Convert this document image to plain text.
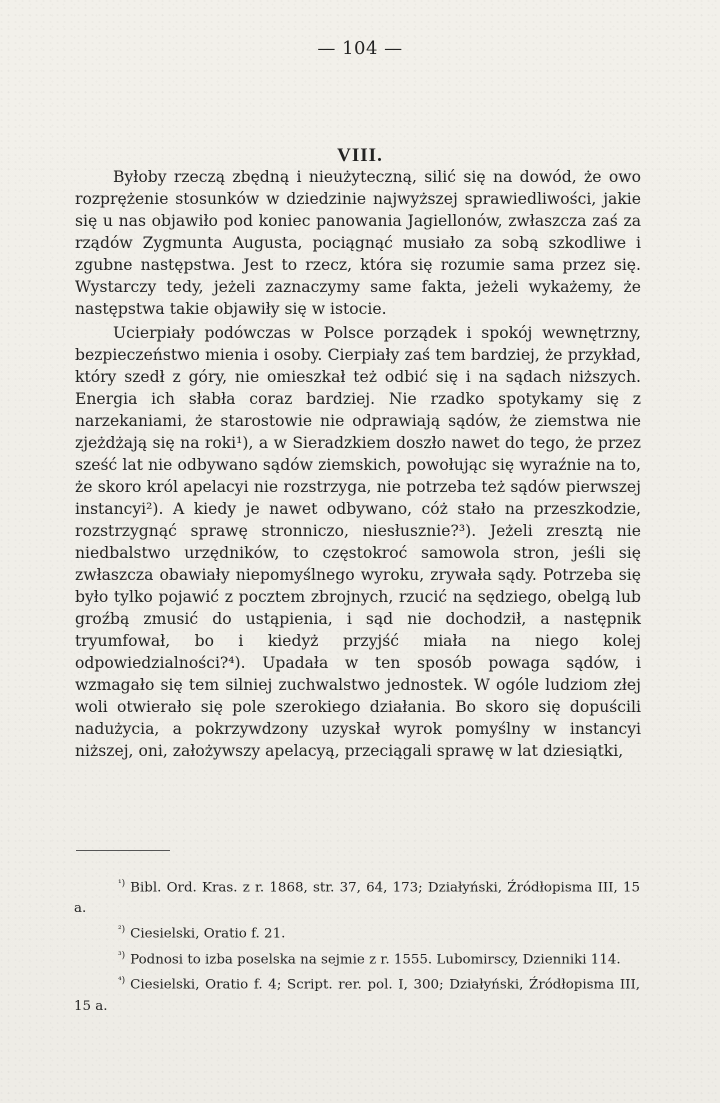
— 104 —
VIII.

Byłoby rzeczą zbędną i nieużyteczną, silić się na dowód, że owo rozprężenie stosunków w dziedzinie najwyższej sprawiedliwości, jakie się u nas objawiło pod koniec panowania Jagiellonów, zwłaszcza zaś za rządów Zygmunta Augusta, pociągnąć musiało za sobą szkodliwe i zgubne następstwa. Jest to rzecz, która się rozumie sama przez się. Wystarczy tedy, jeżeli zaznaczymy same fakta, jeżeli wykażemy, że następstwa takie objawiły się w istocie.

Ucierpiały podówczas w Polsce porządek i spokój wewnętrzny, bezpieczeństwo mienia i osoby. Cierpiały zaś tem bardziej, że przykład, który szedł z góry, nie omieszkał też odbić się i na sądach niższych. Energia ich słabła coraz bardziej. Nie rzadko spotykamy się z narzekaniami, że starostowie nie odprawiają sądów, że ziemstwa nie zjeżdżają się na roki¹), a w Sieradzkiem doszło nawet do tego, że przez sześć lat nie odbywano sądów ziemskich, powołując się wyraźnie na to, że skoro król apelacyi nie rozstrzyga, nie potrzeba też sądów pierwszej instancyi²). A kiedy je nawet odbywano, cóż stało na przeszkodzie, rozstrzygnąć sprawę stronniczo, niesłusznie?³). Jeżeli zresztą nie niedbalstwo urzędników, to częstokroć samowola stron, jeśli się zwłaszcza obawiały niepomyślnego wyroku, zrywała sądy. Potrzeba się było tylko pojawić z pocztem zbrojnych, rzucić na sędziego, obelgą lub groźbą zmusić do ustąpienia, i sąd nie dochodził, a następnik tryumfował, bo i kiedyż przyjść miała na niego kolej odpowiedzialności?⁴). Upadała w ten sposób powaga sądów, i wzmagało się tem silniej zuchwalstwo jednostek. W ogóle ludziom złej woli otwierało się pole szerokiego działania. Bo skoro się dopuścili nadużycia, a pokrzywdzony uzyskał wyrok pomyślny w instancyi niższej, oni, założywszy apelacyą, przeciągali sprawę w lat dziesiątki,

$^{^1)}$ Bibl. Ord. Kras. z r. 1868, str. 37, 64, 173; Działyński, Źródłopisma III, 15 a.

$^{^2)}$ Ciesielski, Oratio f. 21.

$^{^3)}$ Podnosi to izba poselska na sejmie z r. 1555. Lubomirscy, Dzienniki 114.

$^{^4)}$ Ciesielski, Oratio f. 4; Script. rer. pol. I, 300; Działyński, Źródłopisma III, 15 a.
